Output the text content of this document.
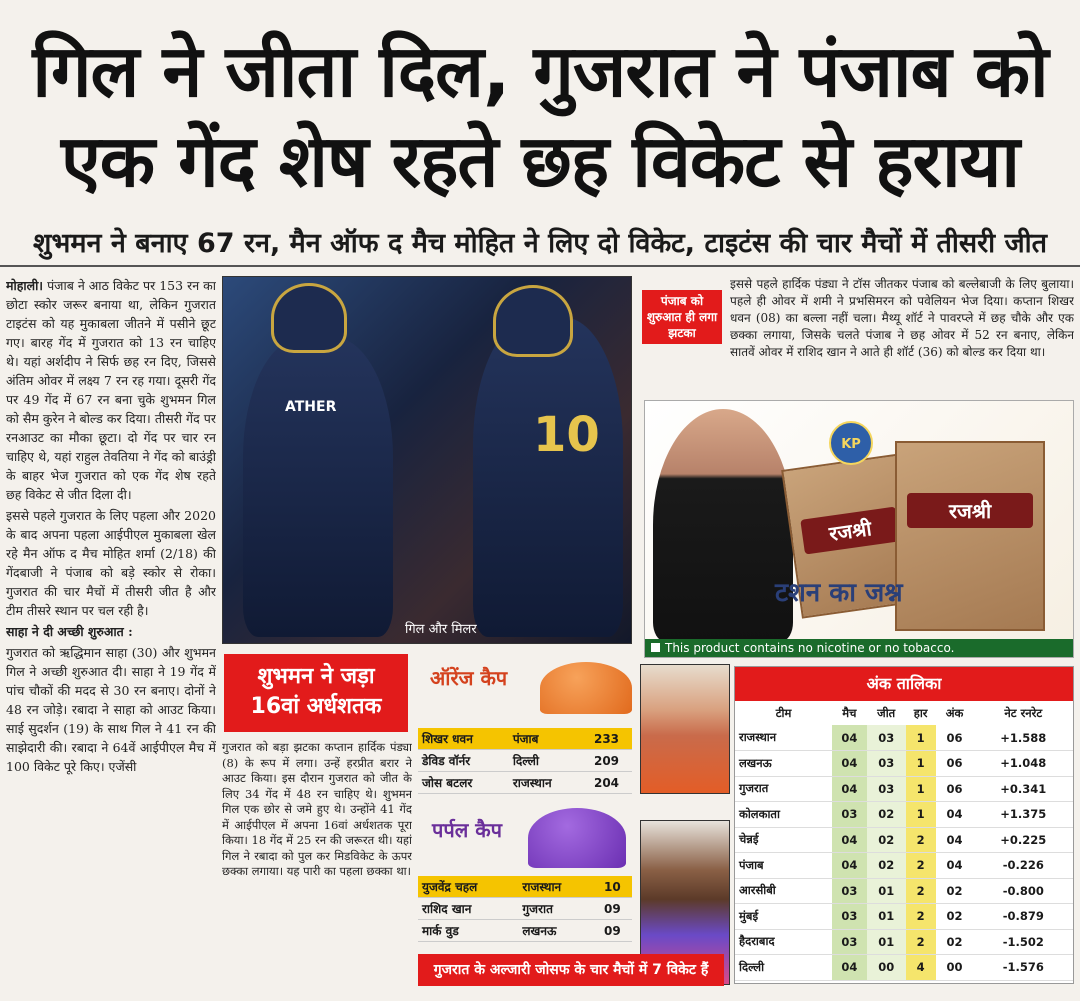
गिल ने जीता दिल, गुजरात ने पंजाब को
एक गेंद शेष रहते छह विकेट से हराया
शुभमन ने बनाए 67 रन, मैन ऑफ द मैच मोहित ने लिए दो विकेट, टाइटंस की चार मैचों में तीसरी जीत

मोहाली। पंजाब ने आठ विकेट पर 153 रन का छोटा स्कोर जरूर बनाया था, लेकिन गुजरात टाइटंस को यह मुकाबला जीतने में पसीने छूट गए। बारह गेंद में गुजरात को 13 रन चाहिए थे। यहां अर्शदीप ने सिर्फ छह रन दिए, जिससे अंतिम ओवर में लक्ष्य 7 रन रह गया। दूसरी गेंद पर 49 गेंद में 67 रन बना चुके शुभमन गिल को सैम कुरेन ने बोल्ड कर दिया। तीसरी गेंद पर रनआउट का मौका छूटा। दो गेंद पर चार रन चाहिए थे, यहां राहुल तेवतिया ने गेंद को बाउंड्री के बाहर भेज गुजरात को एक गेंद शेष रहते छह विकेट से जीत दिला दी।

इससे पहले गुजरात के लिए पहला और 2020 के बाद अपना पहला आईपीएल मुकाबला खेल रहे मैन ऑफ द मैच मोहित शर्मा (2/18) की गेंदबाजी ने पंजाब को बड़े स्कोर से रोका। गुजरात की चार मैचों में तीसरी जीत है और टीम तीसरे स्थान पर चल रही है।

साहा ने दी अच्छी शुरुआत :

गुजरात को ऋद्धिमान साहा (30) और शुभमन गिल ने अच्छी शुरुआत दी। साहा ने 19 गेंद में पांच चौकों की मदद से 30 रन बनाए। दोनों ने 48 रन जोड़े। रबादा ने साहा को आउट किया। साई सुदर्शन (19) के साथ गिल ने 41 रन की साझेदारी की। रबादा ने 64वें आईपीएल मैच में 100 विकेट पूरे किए। एजेंसी

ATHER	10
गिल और मिलर
पंजाब को शुरुआत ही लगा झटका
इससे पहले हार्दिक पंड्या ने टॉस जीतकर पंजाब को बल्लेबाजी के लिए बुलाया। पहले ही ओवर में शमी ने प्रभसिमरन को पवेलियन भेज दिया। कप्तान शिखर धवन (08) का बल्ला नहीं चला। मैथ्यू शॉर्ट ने पावरप्ले में छह चौके और एक छक्का लगाया, जिसके चलते पंजाब ने छह ओवर में 52 रन बनाए, लेकिन सातवें ओवर में राशिद खान ने आते ही शॉर्ट (36) को बोल्ड कर दिया था।
रजश्री
रजश्री
KP
टशन का जश्न
This product contains no nicotine or no tobacco.
शुभमन ने जड़ा
16वां अर्धशतक
गुजरात को बड़ा झटका कप्तान हार्दिक पंड्या (8) के रूप में लगा। उन्हें हरप्रीत बरार ने आउट किया। इस दौरान गुजरात को जीत के लिए 34 गेंद में 48 रन चाहिए थे। शुभमन गिल एक छोर से जमे हुए थे। उन्होंने 41 गेंद में आईपीएल में अपना 16वां अर्धशतक पूरा किया। 18 गेंद में 25 रन की जरूरत थी। यहां गिल ने रबादा को पुल कर मिडविकेट के ऊपर छक्का लगाया। यह पारी का पहला छक्का था।
ऑरेंज कैप
शिखर धवन	पंजाब	233
डेविड वॉर्नर	दिल्ली	209
जोस बटलर	राजस्थान	204
पर्पल कैप
युजवेंद्र चहल	राजस्थान	10
राशिद खान	गुजरात	09
मार्क वुड	लखनऊ	09
गुजरात के अल्जारी जोसफ के चार मैचों में 7 विकेट हैं
अंक तालिका
टीम	मैच	जीत	हार	अंक	नेट रनरेट
राजस्थान	04	03	1	06	+1.588
लखनऊ	04	03	1	06	+1.048
गुजरात	04	03	1	06	+0.341
कोलकाता	03	02	1	04	+1.375
चेन्नई	04	02	2	04	+0.225
पंजाब	04	02	2	04	-0.226
आरसीबी	03	01	2	02	-0.800
मुंबई	03	01	2	02	-0.879
हैदराबाद	03	01	2	02	-1.502
दिल्ली	04	00	4	00	-1.576
